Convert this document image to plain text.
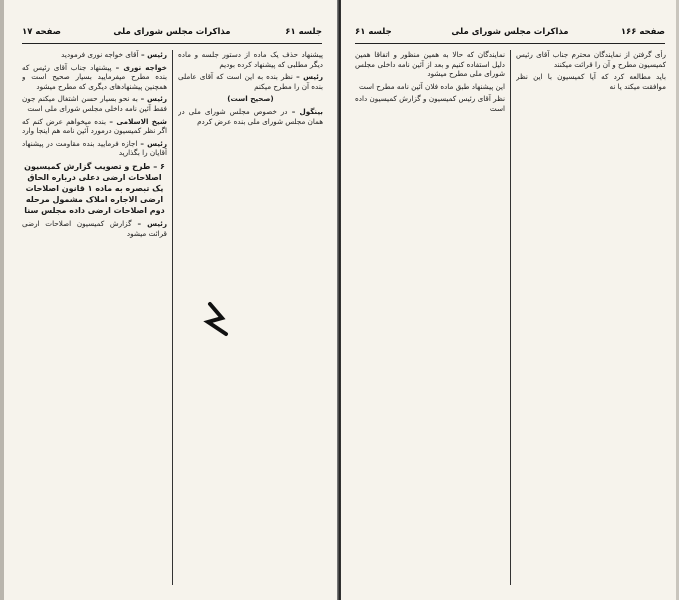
جلسه ۶۱
مذاکرات مجلس شورای ملی
صفحه ۱۷

پیشنهاد حذف یک ماده از دستور جلسه و ماده دیگر مطلبی که پیشنهاد کرده بودیم

رئیس – نظر بنده به این است که آقای عاملی بنده آن را مطرح میکنم

(صحیح است)

بینگول – در خصوص مجلس شورای ملی در همان مجلس شورای ملی بنده عرض کردم

رئیس – آقای خواجه نوری فرمودید

خواجه نوری – پیشنهاد جناب آقای رئیس که بنده مطرح میفرمایید بسیار صحیح است و همچنین پیشنهادهای دیگری که مطرح میشود

رئیس – به نحو بسیار حسن اشتغال میکنم جون فقط آئین نامه داخلی مجلس شورای ملی است

شیخ الاسلامی – بنده میخواهم عرض کنم که اگر نظر کمیسیون درمورد آئین نامه هم اینجا وارد

رئیس – اجازه فرمایید بنده مقاومت در پیشنهاد آقایان را بگذارید

۶ – طرح و تصویب گزارش کمیسیون اصلاحات ارضی دعلی درباره الحاق یک تبصره به ماده ۱ قانون اصلاحات ارضی الاجاره املاک مشمول مرحله دوم اصلاحات ارضی داده مجلس سنا

رئیس – گزارش کمیسیون اصلاحات ارضی قرائت میشود

صفحه ۱۶۶
مذاکرات مجلس شورای ملی
جلسه ۶۱

نمایندگان که حالا به همین منظور و اتفاقا همین دلیل استفاده کنیم و بعد از آئین نامه داخلی مجلس شورای ملی مطرح میشود

این پیشنهاد طبق ماده فلان آئین نامه مطرح است

نظر آقای رئیس کمیسیون و گزارش کمیسیون داده است

رأی گرفتن از نمایندگان محترم جناب آقای رئیس کمیسیون مطرح و آن را قرائت میکنند

باید مطالعه کرد که آیا کمیسیون با این نظر موافقت میکند یا نه
